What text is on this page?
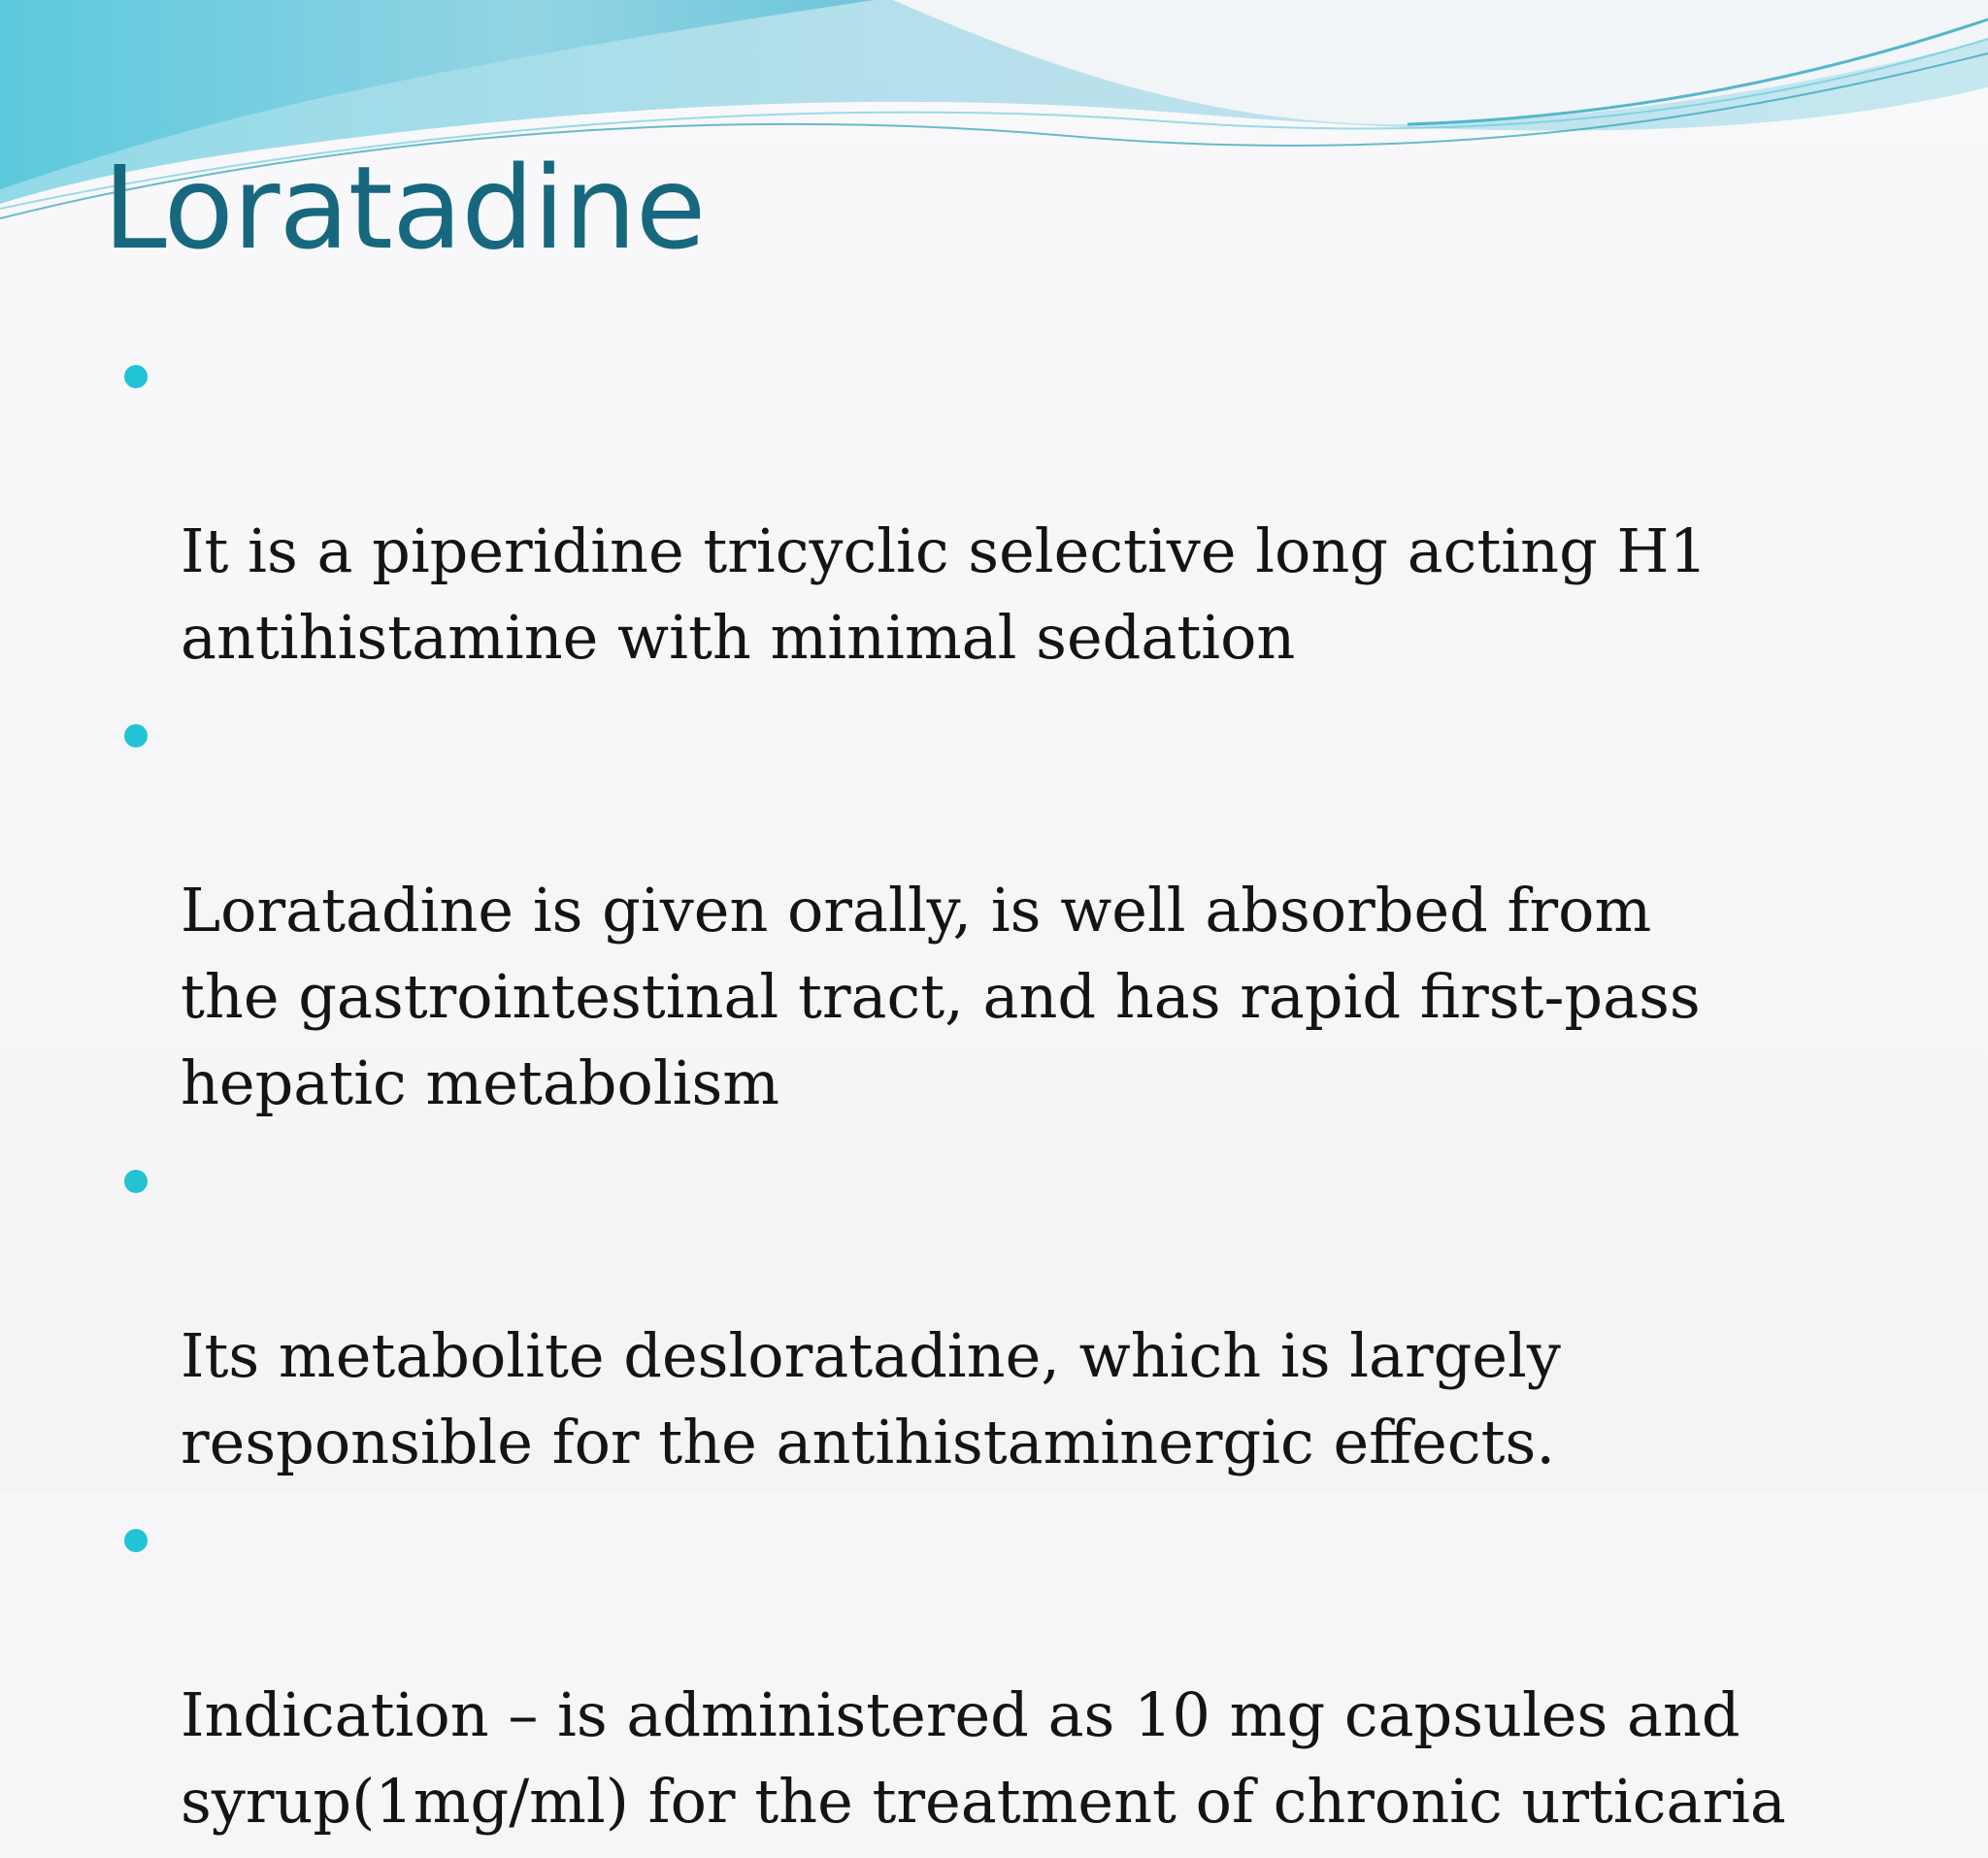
Loratadine

It is a piperidine tricyclic selective long acting H1
antihistamine with minimal sedation

Loratadine is given orally, is well absorbed from
the gastrointestinal tract, and has rapid first-pass
hepatic metabolism

Its metabolite desloratadine, which is largely
responsible for the antihistaminergic effects.

Indication – is administered as 10 mg capsules and
syrup(1mg/ml) for the treatment of chronic urticaria
